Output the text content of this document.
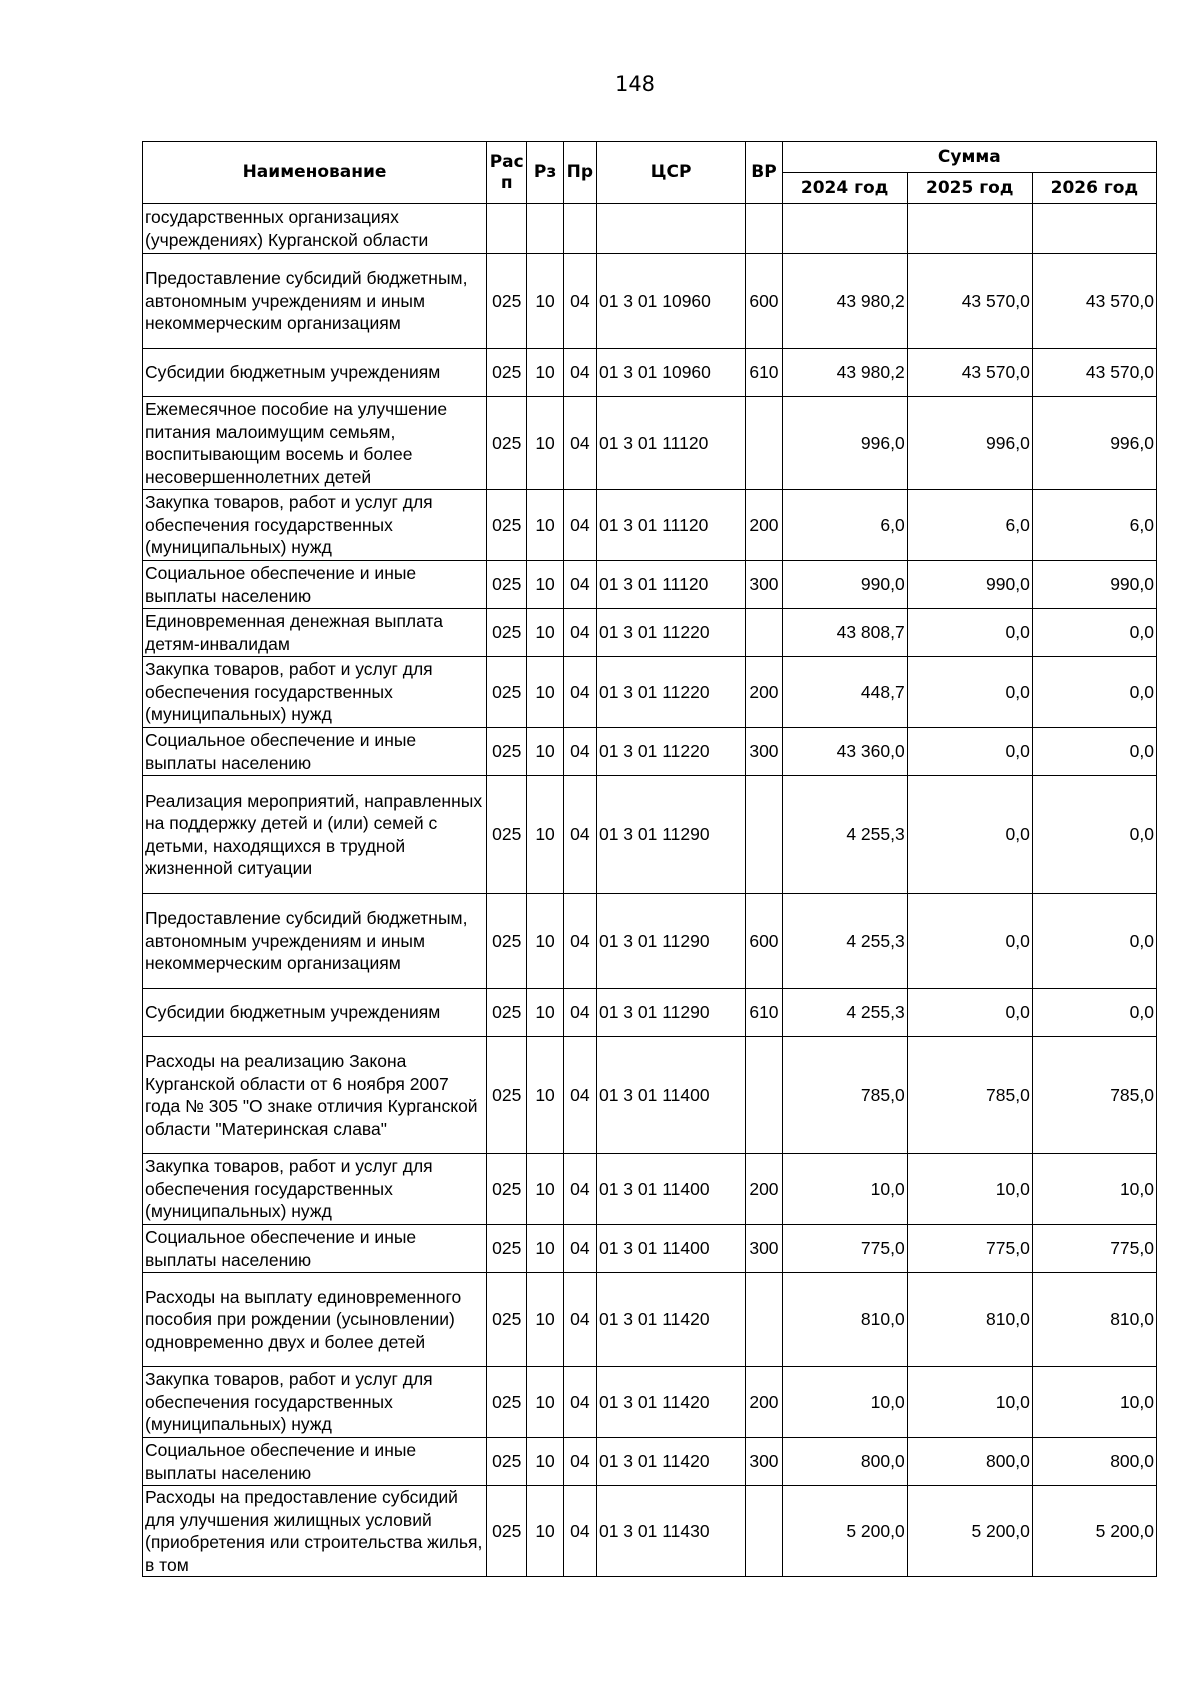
148
Наименование	Рас п	Рз	Пр	ЦСР	ВР	Сумма		
						2024 год	2025 год	2026 год
государственных организациях (учреждениях) Курганской области								
Предоставление субсидий бюджетным, автономным учреждениям и иным некоммерческим организациям	025	10	04	01 3 01 10960	600	43 980,2	43 570,0	43 570,0
Субсидии бюджетным учреждениям	025	10	04	01 3 01 10960	610	43 980,2	43 570,0	43 570,0
Ежемесячное пособие на улучшение питания малоимущим семьям, воспитывающим восемь и более несовершеннолетних детей	025	10	04	01 3 01 11120		996,0	996,0	996,0
Закупка товаров, работ и услуг для обеспечения государственных (муниципальных) нужд	025	10	04	01 3 01 11120	200	6,0	6,0	6,0
Социальное обеспечение и иные выплаты населению	025	10	04	01 3 01 11120	300	990,0	990,0	990,0
Единовременная денежная выплата детям-инвалидам	025	10	04	01 3 01 11220		43 808,7	0,0	0,0
Закупка товаров, работ и услуг для обеспечения государственных (муниципальных) нужд	025	10	04	01 3 01 11220	200	448,7	0,0	0,0
Социальное обеспечение и иные выплаты населению	025	10	04	01 3 01 11220	300	43 360,0	0,0	0,0
Реализация мероприятий, направленных на поддержку детей и (или) семей с детьми, находящихся в трудной жизненной ситуации	025	10	04	01 3 01 11290		4 255,3	0,0	0,0
Предоставление субсидий бюджетным, автономным учреждениям и иным некоммерческим организациям	025	10	04	01 3 01 11290	600	4 255,3	0,0	0,0
Субсидии бюджетным учреждениям	025	10	04	01 3 01 11290	610	4 255,3	0,0	0,0
Расходы на реализацию Закона Курганской области от 6 ноября 2007 года № 305 "О знаке отличия Курганской области "Материнская слава"	025	10	04	01 3 01 11400		785,0	785,0	785,0
Закупка товаров, работ и услуг для обеспечения государственных (муниципальных) нужд	025	10	04	01 3 01 11400	200	10,0	10,0	10,0
Социальное обеспечение и иные выплаты населению	025	10	04	01 3 01 11400	300	775,0	775,0	775,0
Расходы на выплату единовременного пособия при рождении (усыновлении) одновременно двух и более детей	025	10	04	01 3 01 11420		810,0	810,0	810,0
Закупка товаров, работ и услуг для обеспечения государственных (муниципальных) нужд	025	10	04	01 3 01 11420	200	10,0	10,0	10,0
Социальное обеспечение и иные выплаты населению	025	10	04	01 3 01 11420	300	800,0	800,0	800,0
Расходы на предоставление субсидий для улучшения жилищных условий (приобретения или строительства жилья, в том	025	10	04	01 3 01 11430		5 200,0	5 200,0	5 200,0
